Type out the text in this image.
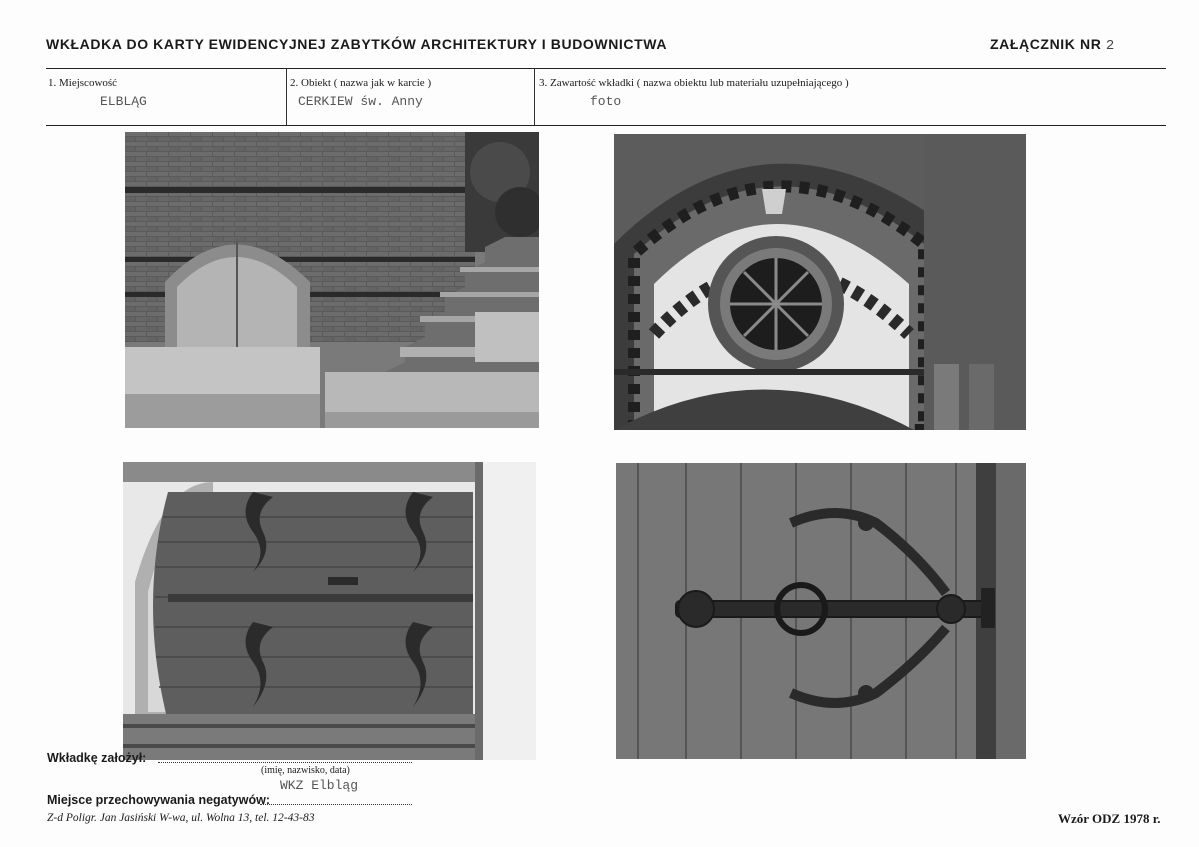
WKŁADKA DO KARTY EWIDENCYJNEJ ZABYTKÓW ARCHITEKTURY I BUDOWNICTWA	ZAŁĄCZNIK NR 2
1. Miejscowość
ELBLĄG
2. Obiekt ( nazwa jak w karcie )
CERKIEW św. Anny
3. Zawartość wkładki ( nazwa obiektu lub materiału uzupełniającego )
foto
Wkładkę założył:
(imię, nazwisko, data)
WKZ Elbląg
Miejsce przechowywania negatywów:
Z-d Poligr. Jan Jasiński W-wa, ul. Wolna 13, tel. 12-43-83	Wzór ODZ 1978 r.
